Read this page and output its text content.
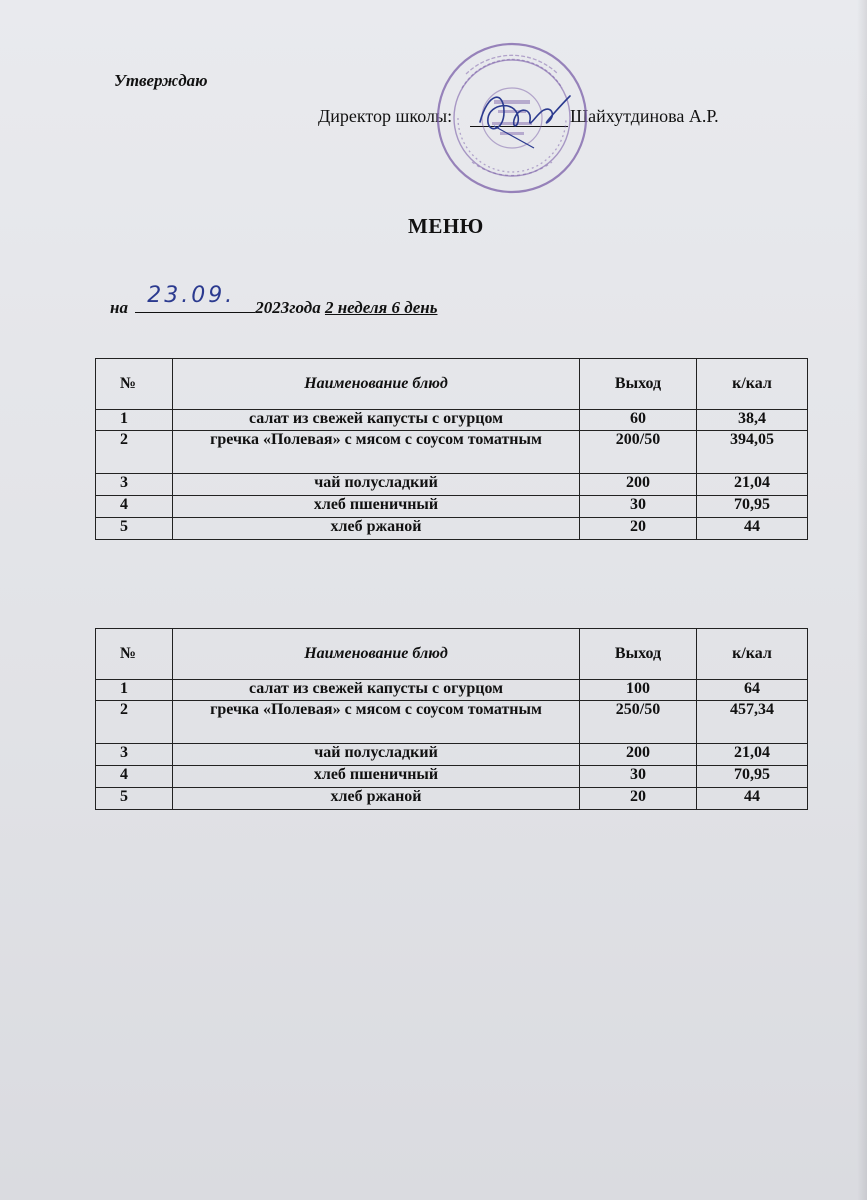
Утверждаю
Директор школы:	Шайхутдинова А.Р.
МЕНЮ
на 23.09. 2023года 2 неделя 6 день
№	Наименование блюд	Выход	к/кал
1	салат из свежей капусты с огурцом	60	38,4
2	гречка «Полевая» с мясом с соусом томатным	200/50	394,05
3	чай полусладкий	200	21,04
4	хлеб пшеничный	30	70,95
5	хлеб ржаной	20	44
№	Наименование блюд	Выход	к/кал
1	салат из свежей капусты с огурцом	100	64
2	гречка «Полевая» с мясом с соусом томатным	250/50	457,34
3	чай полусладкий	200	21,04
4	хлеб пшеничный	30	70,95
5	хлеб ржаной	20	44
